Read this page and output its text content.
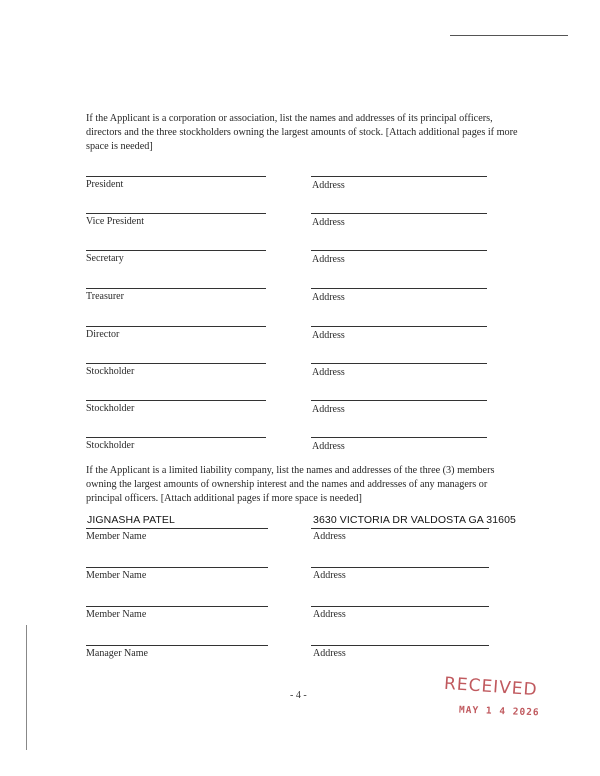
If the Applicant is a corporation or association, list the names and addresses of its principal officers, directors and the three stockholders owning the largest amounts of stock. [Attach additional pages if more space is needed]
President	Address
Vice President	Address
Secretary	Address
Treasurer	Address
Director	Address
Stockholder	Address
Stockholder	Address
Stockholder	Address
If the Applicant is a limited liability company, list the names and addresses of the three (3) members owning the largest amounts of ownership interest and the names and addresses of any managers or principal officers. [Attach additional pages if more space is needed]
JIGNASHA PATEL	3630 VICTORIA DR VALDOSTA GA 31605
Member Name	Address
Member Name	Address
Member Name	Address
Manager Name	Address
- 4 -	RECEIVED
MAY 1 4 2026
